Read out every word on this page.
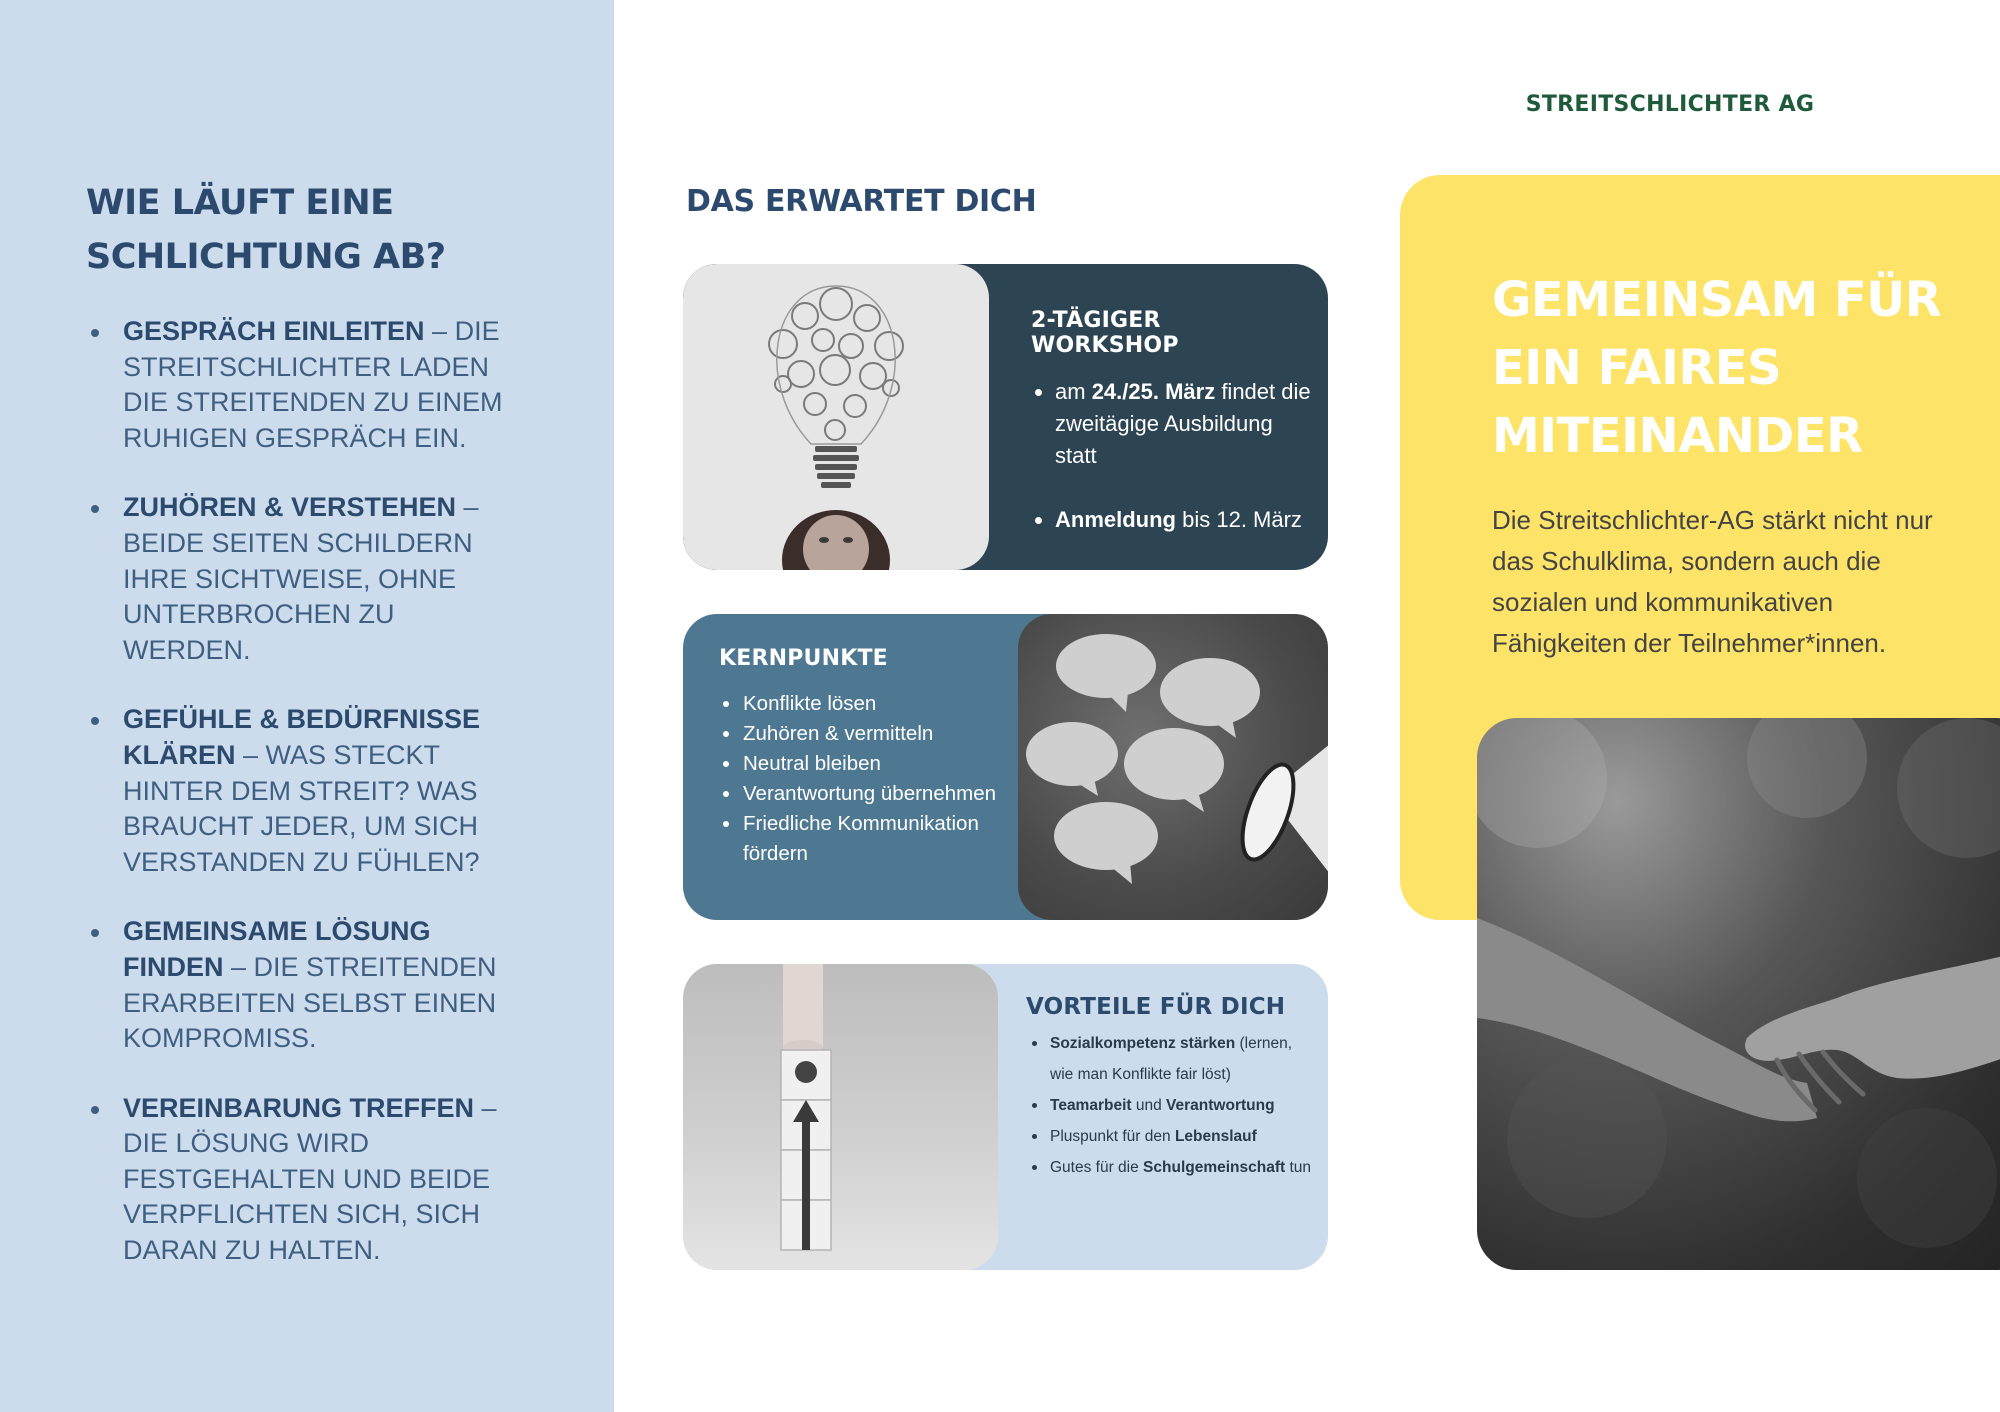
WIE LÄUFT EINE SCHLICHTUNG AB?
GESPRÄCH EINLEITEN – DIE STREITSCHLICHTER LADEN DIE STREITENDEN ZU EINEM RUHIGEN GESPRÄCH EIN.
ZUHÖREN & VERSTEHEN – BEIDE SEITEN SCHILDERN IHRE SICHTWEISE, OHNE UNTERBROCHEN ZU WERDEN.
GEFÜHLE & BEDÜRFNISSE KLÄREN – WAS STECKT HINTER DEM STREIT? WAS BRAUCHT JEDER, UM SICH VERSTANDEN ZU FÜHLEN?
GEMEINSAME LÖSUNG FINDEN – DIE STREITENDEN ERARBEITEN SELBST EINEN KOMPROMISS.
VEREINBARUNG TREFFEN – DIE LÖSUNG WIRD FESTGEHALTEN UND BEIDE VERPFLICHTEN SICH, SICH DARAN ZU HALTEN.
STREITSCHLICHTER AG
DAS ERWARTET DICH
2-TÄGIGER WORKSHOP
am 24./25. März findet die zweitägige Ausbildung statt
Anmeldung bis 12. März
KERNPUNKTE
Konflikte lösen
Zuhören & vermitteln
Neutral bleiben
Verantwortung übernehmen
Friedliche Kommunikation fördern
VORTEILE FÜR DICH
Sozialkompetenz stärken (lernen, wie man Konflikte fair löst)
Teamarbeit und Verantwortung
Pluspunkt für den Lebenslauf
Gutes für die Schulgemeinschaft tun
GEMEINSAM FÜR EIN FAIRES MITEINANDER

Die Streitschlichter-AG stärkt nicht nur das Schulklima, sondern auch die sozialen und kommunikativen Fähigkeiten der Teilnehmer*innen.
